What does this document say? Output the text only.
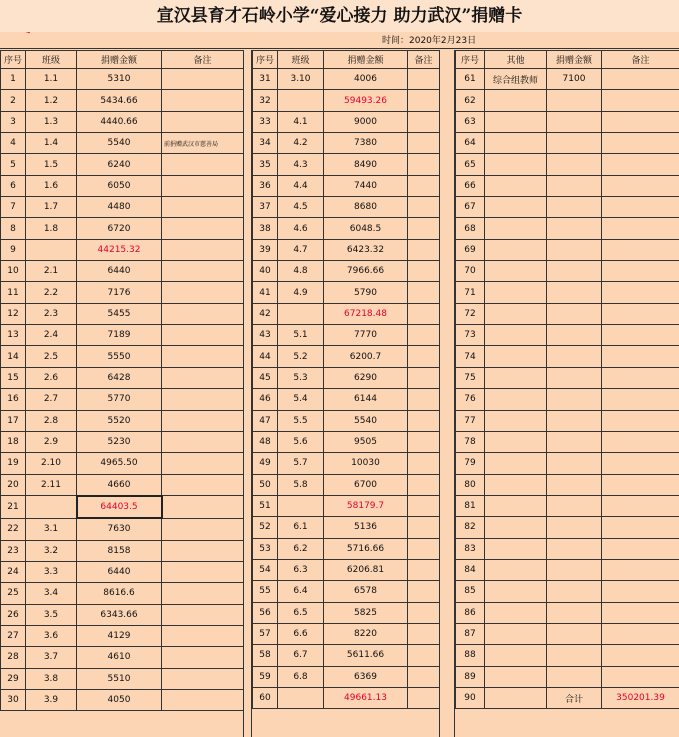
宣汉县育才石岭小学“爱心接力 助力武汉”捐赠卡
时间：2020年2月23日
序号	班级	捐赠金额	备注
1	1.1	5310	
2	1.2	5434.66	
3	1.3	4440.66	
4	1.4	5540	前捐赠武汉市慈善局
5	1.5	6240	
6	1.6	6050	
7	1.7	4480	
8	1.8	6720	
9		44215.32	
10	2.1	6440	
11	2.2	7176	
12	2.3	5455	
13	2.4	7189	
14	2.5	5550	
15	2.6	6428	
16	2.7	5770	
17	2.8	5520	
18	2.9	5230	
19	2.10	4965.50	
20	2.11	4660	
21		64403.5	
22	3.1	7630	
23	3.2	8158	
24	3.3	6440	
25	3.4	8616.6	
26	3.5	6343.66	
27	3.6	4129	
28	3.7	4610	
29	3.8	5510	
30	3.9	4050	
序号	班级	捐赠金额	备注
31	3.10	4006	
32		59493.26	
33	4.1	9000	
34	4.2	7380	
35	4.3	8490	
36	4.4	7440	
37	4.5	8680	
38	4.6	6048.5	
39	4.7	6423.32	
40	4.8	7966.66	
41	4.9	5790	
42		67218.48	
43	5.1	7770	
44	5.2	6200.7	
45	5.3	6290	
46	5.4	6144	
47	5.5	5540	
48	5.6	9505	
49	5.7	10030	
50	5.8	6700	
51		58179.7	
52	6.1	5136	
53	6.2	5716.66	
54	6.3	6206.81	
55	6.4	6578	
56	6.5	5825	
57	6.6	8220	
58	6.7	5611.66	
59	6.8	6369	
60		49661.13	
序号	其他	捐赠金额	备注
61	综合组教师	7100	
62			
63			
64			
65			
66			
67			
68			
69			
70			
71			
72			
73			
74			
75			
76			
77			
78			
79			
80			
81			
82			
83			
84			
85			
86			
87			
88			
89			
90		合计	350201.39
